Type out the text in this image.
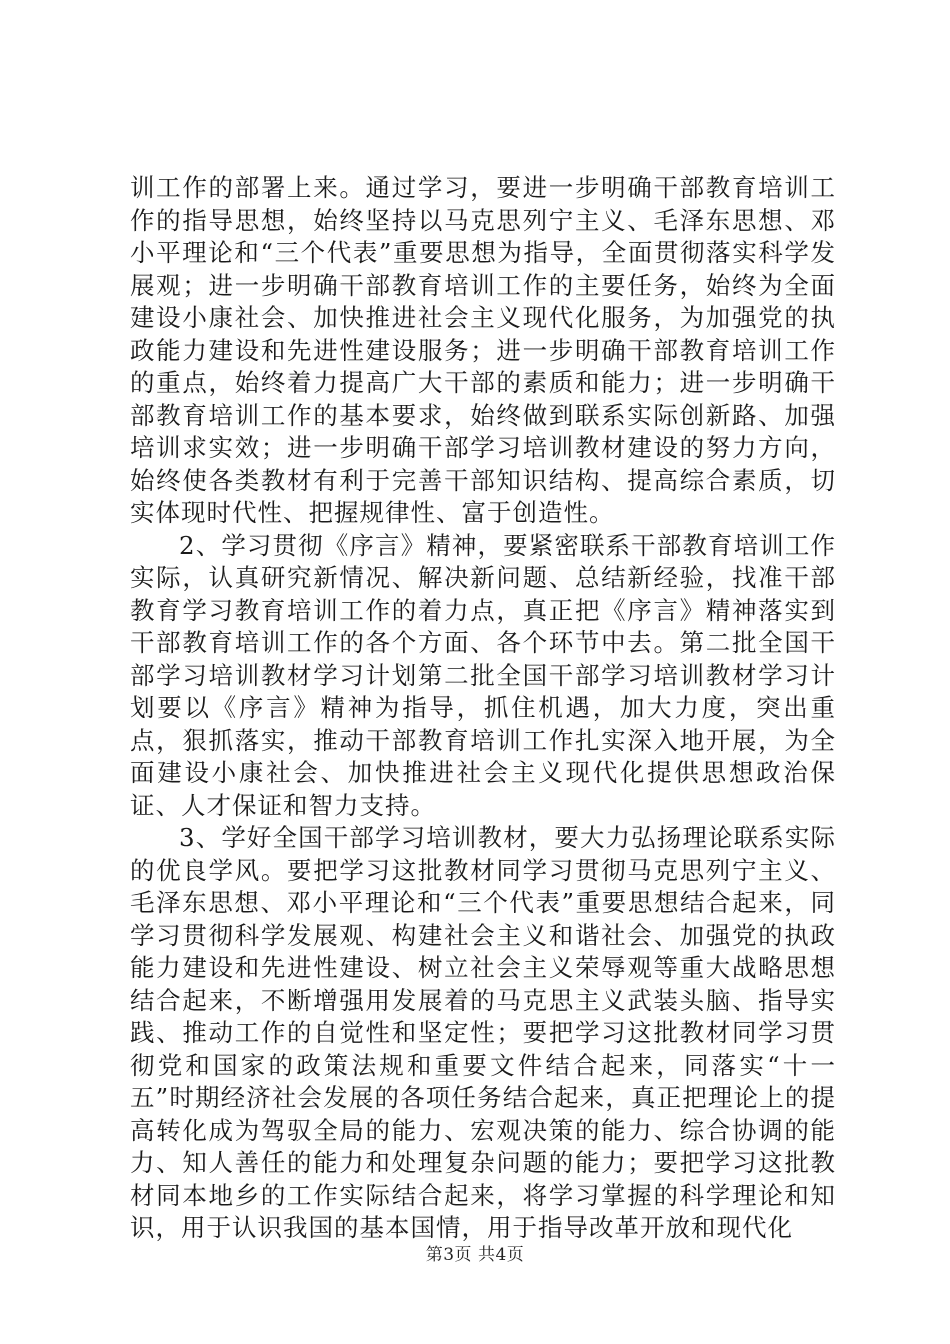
训工作的部署上来。通过学习，要进一步明确干部教育培训工作的指导思想，始终坚持以马克思列宁主义、毛泽东思想、邓小平理论和“三个代表”重要思想为指导，全面贯彻落实科学发展观；进一步明确干部教育培训工作的主要任务，始终为全面建设小康社会、加快推进社会主义现代化服务，为加强党的执政能力建设和先进性建设服务；进一步明确干部教育培训工作的重点，始终着力提高广大干部的素质和能力；进一步明确干部教育培训工作的基本要求，始终做到联系实际创新路、加强培训求实效；进一步明确干部学习培训教材建设的努力方向，始终使各类教材有利于完善干部知识结构、提高综合素质，切实体现时代性、把握规律性、富于创造性。

2、学习贯彻《序言》精神，要紧密联系干部教育培训工作实际，认真研究新情况、解决新问题、总结新经验，找准干部教育学习教育培训工作的着力点，真正把《序言》精神落实到干部教育培训工作的各个方面、各个环节中去。第二批全国干部学习培训教材学习计划第二批全国干部学习培训教材学习计划要以《序言》精神为指导，抓住机遇，加大力度，突出重点，狠抓落实，推动干部教育培训工作扎实深入地开展，为全面建设小康社会、加快推进社会主义现代化提供思想政治保证、人才保证和智力支持。

3、学好全国干部学习培训教材，要大力弘扬理论联系实际的优良学风。要把学习这批教材同学习贯彻马克思列宁主义、毛泽东思想、邓小平理论和“三个代表”重要思想结合起来，同学习贯彻科学发展观、构建社会主义和谐社会、加强党的执政能力建设和先进性建设、树立社会主义荣辱观等重大战略思想结合起来，不断增强用发展着的马克思主义武装头脑、指导实践、推动工作的自觉性和坚定性；要把学习这批教材同学习贯彻党和国家的政策法规和重要文件结合起来，同落实“十一五”时期经济社会发展的各项任务结合起来，真正把理论上的提高转化成为驾驭全局的能力、宏观决策的能力、综合协调的能力、知人善任的能力和处理复杂问题的能力；要把学习这批教材同本地乡的工作实际结合起来，将学习掌握的科学理论和知识，用于认识我国的基本国情，用于指导改革开放和现代化

第3页 共4页
